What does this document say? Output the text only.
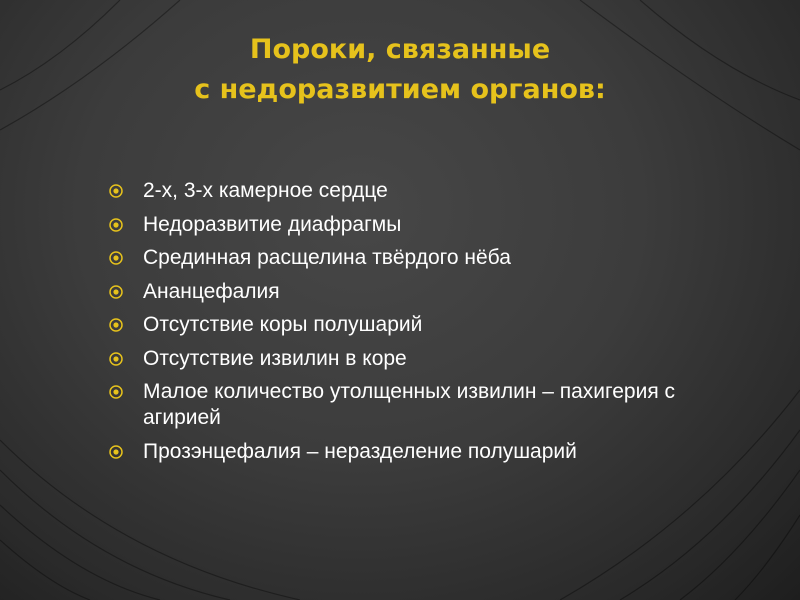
Пороки, связанные
с недоразвитием органов:
2-х, 3-х камерное сердце
Недоразвитие диафрагмы
Срединная расщелина твёрдого нёба
Ананцефалия
Отсутствие коры полушарий
Отсутствие извилин в коре
Малое количество утолщенных извилин – пахигерия с агирией
Прозэнцефалия – неразделение полушарий
